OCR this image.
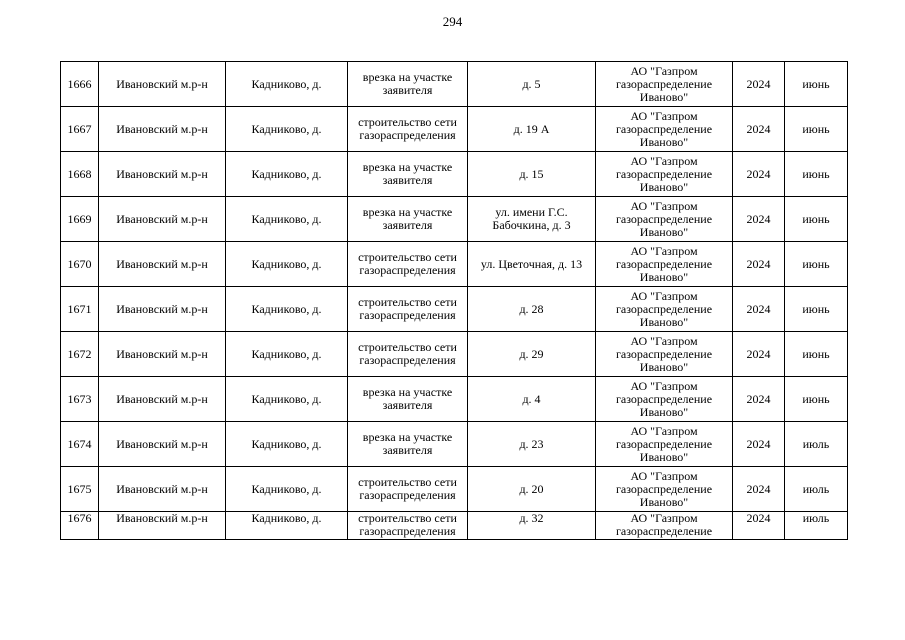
294
1666	Ивановский м.р-н	Кадниково, д.	врезка на участке заявителя	д. 5	АО "Газпром газораспределение Иваново"	2024	июнь
1667	Ивановский м.р-н	Кадниково, д.	строительство сети газораспределения	д. 19 А	АО "Газпром газораспределение Иваново"	2024	июнь
1668	Ивановский м.р-н	Кадниково, д.	врезка на участке заявителя	д. 15	АО "Газпром газораспределение Иваново"	2024	июнь
1669	Ивановский м.р-н	Кадниково, д.	врезка на участке заявителя	ул. имени Г.С. Бабочкина, д. 3	АО "Газпром газораспределение Иваново"	2024	июнь
1670	Ивановский м.р-н	Кадниково, д.	строительство сети газораспределения	ул. Цветочная, д. 13	АО "Газпром газораспределение Иваново"	2024	июнь
1671	Ивановский м.р-н	Кадниково, д.	строительство сети газораспределения	д. 28	АО "Газпром газораспределение Иваново"	2024	июнь
1672	Ивановский м.р-н	Кадниково, д.	строительство сети газораспределения	д. 29	АО "Газпром газораспределение Иваново"	2024	июнь
1673	Ивановский м.р-н	Кадниково, д.	врезка на участке заявителя	д. 4	АО "Газпром газораспределение Иваново"	2024	июнь
1674	Ивановский м.р-н	Кадниково, д.	врезка на участке заявителя	д. 23	АО "Газпром газораспределение Иваново"	2024	июль
1675	Ивановский м.р-н	Кадниково, д.	строительство сети газораспределения	д. 20	АО "Газпром газораспределение Иваново"	2024	июль
1676	Ивановский м.р-н	Кадниково, д.	строительство сети газораспределения	д. 32	АО "Газпром газораспределение	2024	июль
